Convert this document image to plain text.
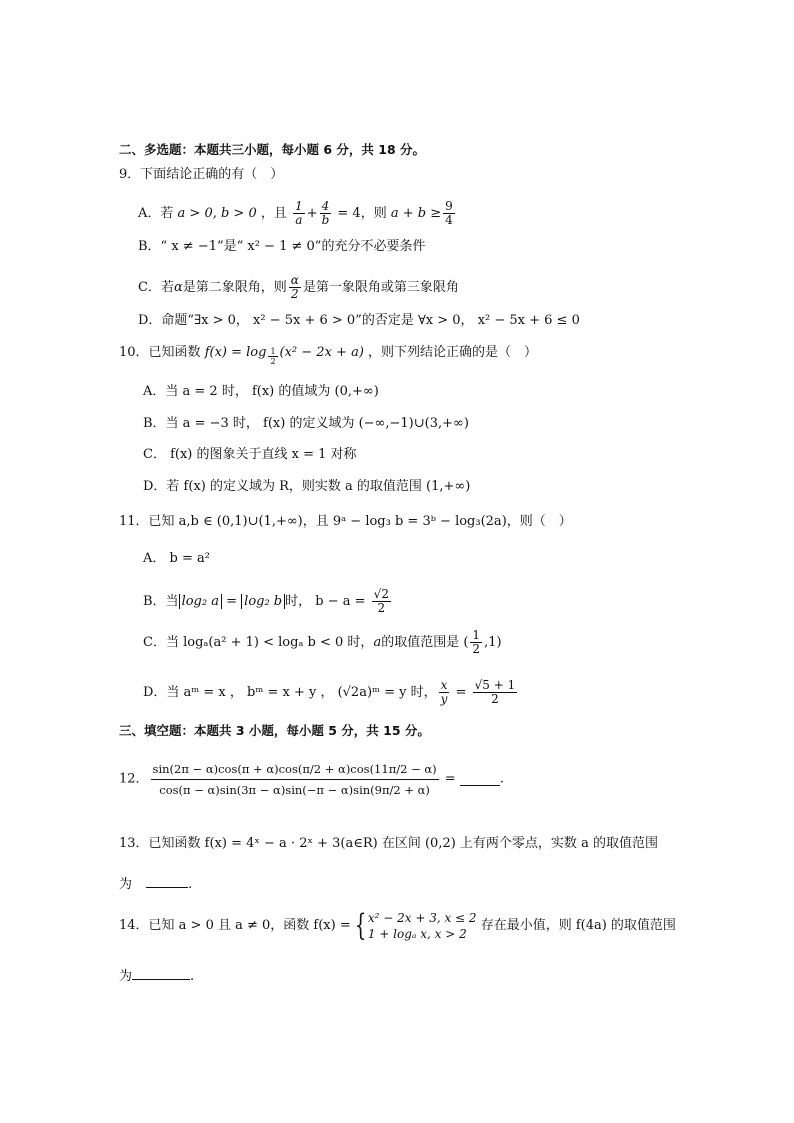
二、多选题：本题共三小题，每小题 6 分，共 18 分。
9．下面结论正确的有（　）
A．若 a > 0, b > 0 ，且 $\frac{1}{a} + \frac{4}{b} = 4$，则 $a + b \ge \frac{9}{4}$
B．“ x ≠ −1”是“ x² − 1 ≠ 0”的充分不必要条件
C．若α是第二象限角，则 $\frac{\alpha}{2}$ 是第一象限角或第三象限角
D．命题“∃x > 0， x² − 5x + 6 > 0”的否定是 ∀x > 0， x² − 5x + 6 ≤ 0
10．已知函数 $f(x) = \log \frac{1}{2} (x^2 - 2x + a)$ ，则下列结论正确的是（　）
A．当 a = 2 时， f(x) 的值域为 (0,+∞)
B．当 a = −3 时， f(x) 的定义域为 (−∞,−1)∪(3,+∞)
C． f(x) 的图象关于直线 x = 1 对称
D．若 f(x) 的定义域为 R，则实数 a 的取值范围 (1,+∞)
11．已知 a,b ∈ (0,1)∪(1,+∞)，且 9ᵃ − log₃ b = 3ᵇ − log₃(2a)，则（　）
A． b = a²
B．当 log₂ a = log₂ b 时， $b - a = \frac{√2}{2}$
C．当 logₐ(a² + 1) < logₐ b < 0 时，a的取值范围是 ( $\frac{1}{2} ,1$)
D．当 aᵐ = x ， bᵐ = x + y ， (√2a)ᵐ = y 时， $\frac{x}{y} = \frac{√5 + 1}{2}$
三、填空题：本题共 3 小题，每小题 5 分，共 15 分。
12． $\frac{\sin(2\pi - \alpha)\cos(\pi + \alpha)\cos(\pi/2 + \alpha)\cos(11\pi/2 - \alpha)}{\cos(\pi - \alpha)\sin(3\pi - \alpha)\sin(-\pi - \alpha)\sin(9\pi/2 + \alpha)}$ =	.
13．已知函数 f(x) = 4ˣ − a · 2ˣ + 3(a∈R) 在区间 (0,2) 上有两个零点，实数 a 的取值范围
为	.
14．已知 a > 0 且 a ≠ 0，函数 f(x) = { x² − 2x + 3, x ≤ 2
1 + logₐ x, x > 2
存在最小值，则 f(4a) 的取值范围
为	.
